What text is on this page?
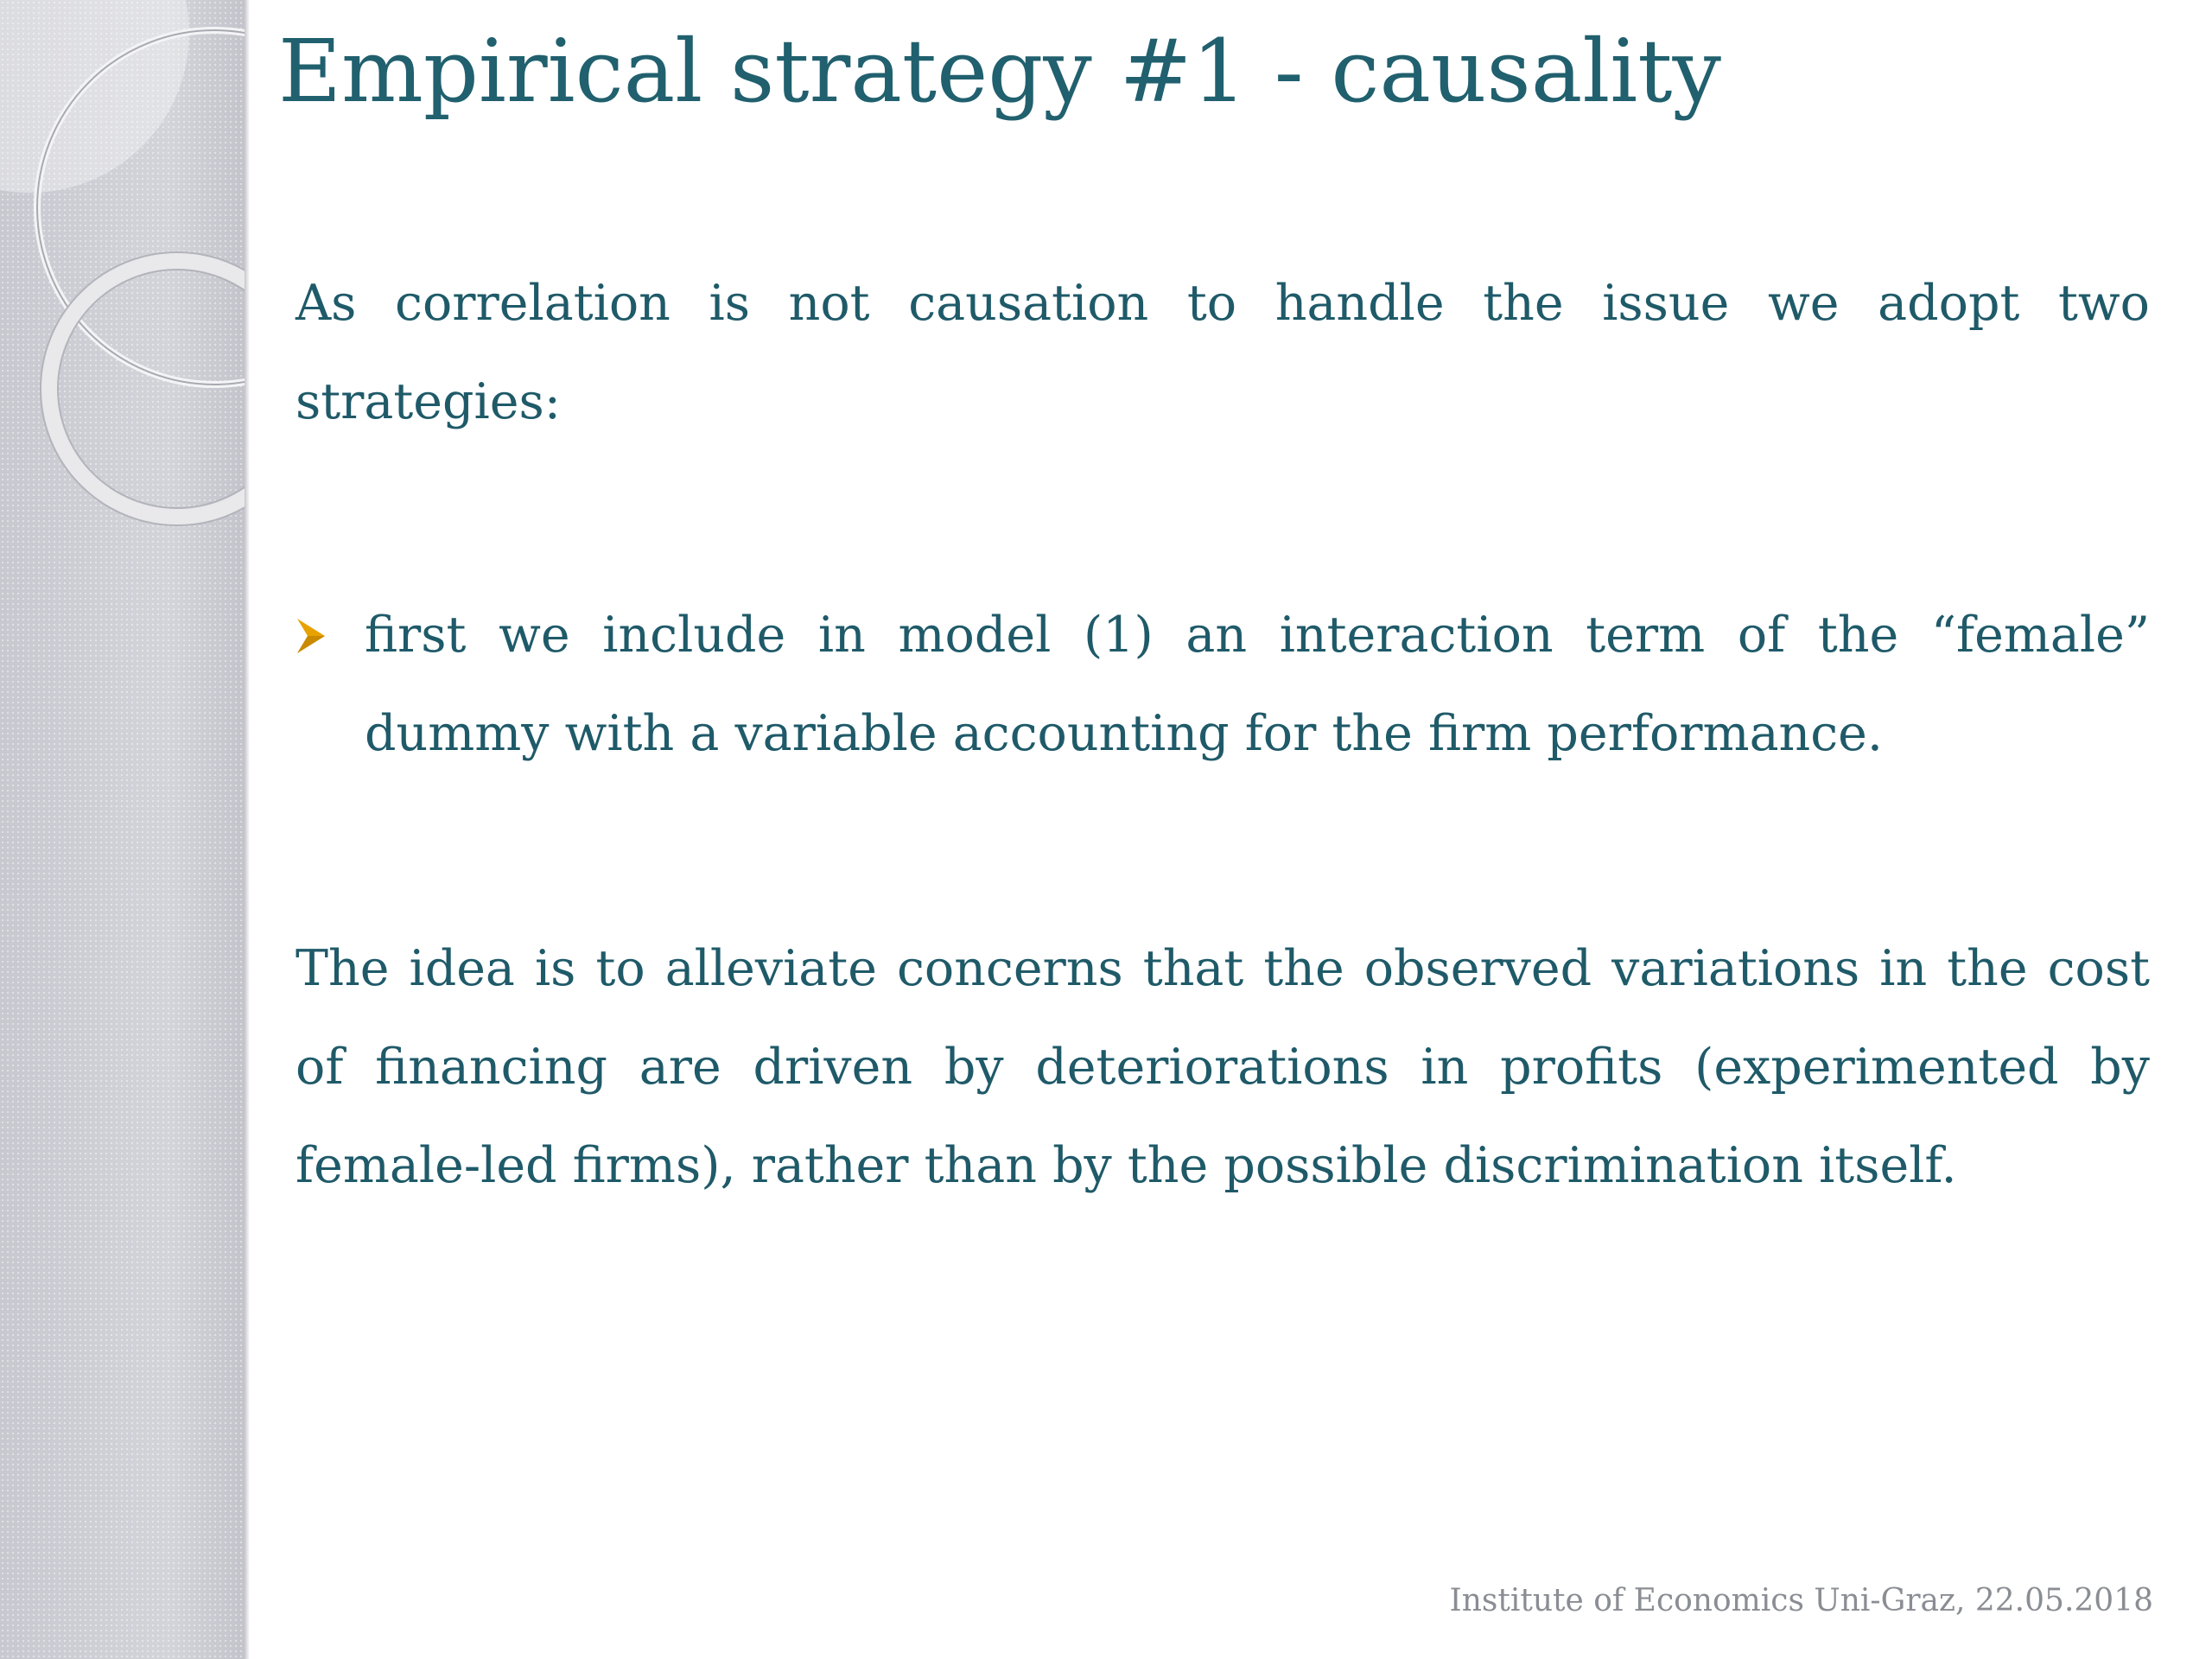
Empirical strategy #1 - causality

As correlation is not causation to handle the issue we adopt two strategies:

first we include in model (1) an interaction term of the “female” dummy with a variable accounting for the firm performance.

The idea is to alleviate concerns that the observed variations in the cost of financing are driven by deteriorations in profits (experimented by female-led firms), rather than by the possible discrimination itself.

Institute of Economics Uni-Graz, 22.05.2018
